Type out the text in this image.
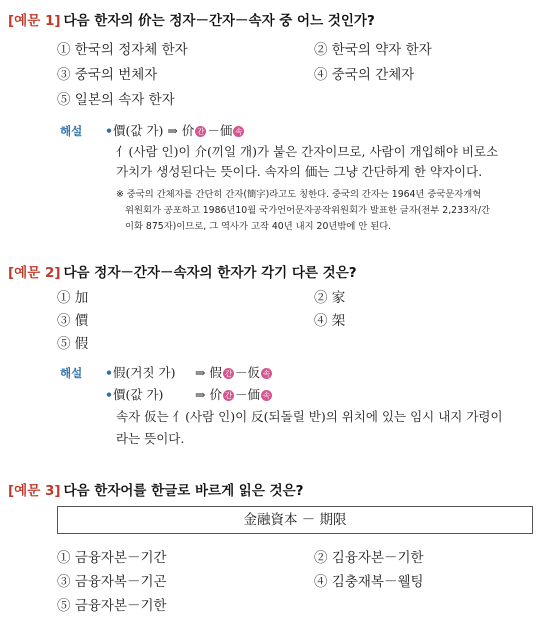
[예문 1] 다음 한자의 价는 정자－간자－속자 중 어느 것인가?
① 한국의 정자체 한자	② 한국의 약자 한자
③ 중국의 번체자	④ 중국의 간체자
⑤ 일본의 속자 한자
해설 •價(값 가) ⇒ 价 간 －価 속
亻(사람 인)이 介(끼일 개)가 붙은 간자이므로, 사람이 개입해야 비로소
가치가 생성된다는 뜻이다. 속자의 価는 그냥 간단하게 한 약자이다.
※ 중국의 간체자를 간단히 간자(簡字)라고도 칭한다. 중국의 간자는 1964년 중국문자개혁
위원회가 공포하고 1986년10월 국가언어문자공작위원회가 발표한 글자(전부 2,233자/간
이화 875자)이므로, 그 역사가 고작 40년 내지 20년밖에 안 된다.
[예문 2] 다음 정자－간자－속자의 한자가 각기 다른 것은?
① 加	② 家
③ 價	④ 架
⑤ 假
해설 •假(거짓 가) ⇒ 假 간 －仮 속
•價(값 가)	⇒ 价 간 －価 속
속자 仮는 亻(사람 인)이 反(되돌릴 반)의 위치에 있는 임시 내지 가령이
라는 뜻이다.
[예문 3] 다음 한자어를 한글로 바르게 읽은 것은?
金融資本 － 期限
① 금융자본－기간	② 김융자본－기한
③ 금융자복－기곤	④ 김충재복－웰팅
⑤ 금융자본－기한
